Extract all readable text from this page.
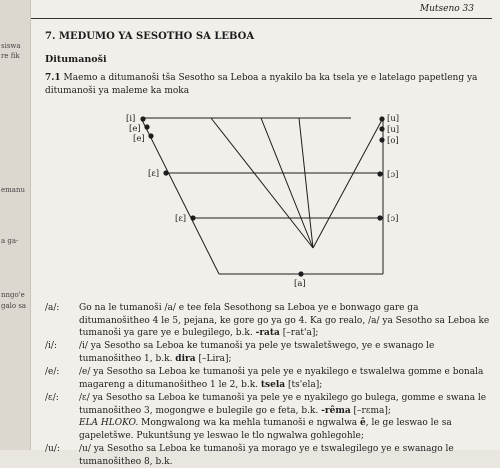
siswa
re fik
emanu
a ga-
nngo'e
galo sa
Mutseno 33
7. MEDUMO YA SESOTHO SA LEBOA
Ditumanoši
7.1 Maemo a ditumanoši tša Sesotho sa Leboa a nyakilo ba ka tsela ye e latelago papetleng ya ditumanoši ya maleme ka moka
[i]
[e]
[e]
[ɛ]
[ɛ]
[u]
[u]
[o]
[ɔ]
[ɔ]
[a]
/a/: Go na le tumanoši /a/ e tee fela Sesothong sa Leboa ye e bonwago gare ga ditumanošitheo 4 le 5, pejana, ke gore go ya go 4. Ka go realo, /a/ ya Sesotho sa Leboa ke tumanoši ya gare ye e bulegilego, b.k. -rata [–rat'a];
/i/: /i/ ya Sesotho sa Leboa ke tumanoši ya pele ye tswaletšwego, ye e swanago le tumanošitheo 1, b.k. dira [–Lira];
/e/: /e/ ya Sesotho sa Leboa ke tumanoši ya pele ye e nyakilego e tswalelwa gomme e bonala magareng a ditumanošitheo 1 le 2, b.k. tsela [ts'ela];
/ɛ/: /ɛ/ ya Sesotho sa Leboa ke tumanoši ya pele ye e nyakilego go bulega, gomme e swana le tumanošitheo 3, mogongwe e bulegile go e feta, b.k. -rêma [–rɛma];
ELA HLOKO. Mongwalong wa ka mehla tumanoši e ngwalwa ê, le ge leswao le sa gapeletšwe. Pukuntšung ye leswao le tlo ngwalwa gohlegohle;
/u/: /u/ ya Sesotho sa Leboa ke tumanoši ya morago ye e tswalegilego ye e swanago le tumanošitheo 8, b.k.
